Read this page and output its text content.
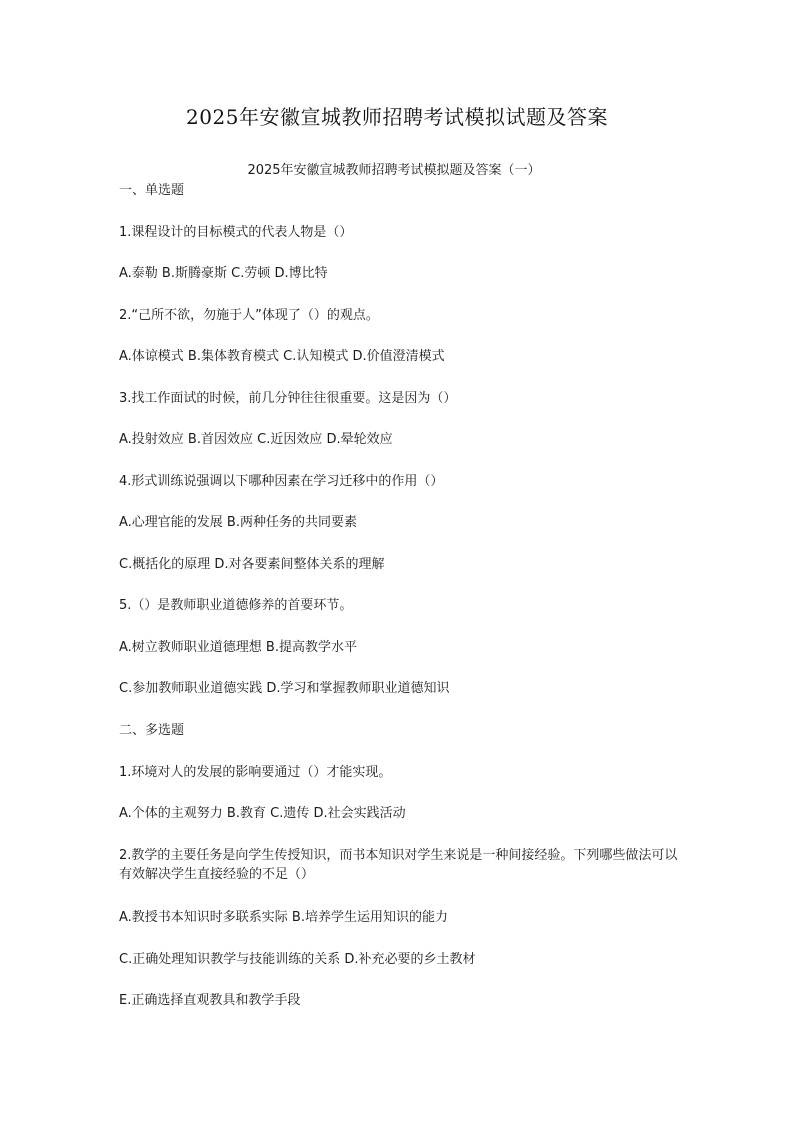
2025年安徽宣城教师招聘考试模拟试题及答案
2025年安徽宣城教师招聘考试模拟题及答案（一）
一、单选题
1.课程设计的目标模式的代表人物是（）
A.泰勒 B.斯腾豪斯 C.劳顿 D.博比特
2.“己所不欲，勿施于人”体现了（）的观点。
A.体谅模式 B.集体教育模式 C.认知模式 D.价值澄清模式
3.找工作面试的时候，前几分钟往往很重要。这是因为（）
A.投射效应 B.首因效应 C.近因效应 D.晕轮效应
4.形式训练说强调以下哪种因素在学习迁移中的作用（）
A.心理官能的发展 B.两种任务的共同要素
C.概括化的原理 D.对各要素间整体关系的理解
5.（）是教师职业道德修养的首要环节。
A.树立教师职业道德理想 B.提高教学水平
C.参加教师职业道德实践 D.学习和掌握教师职业道德知识
二、多选题
1.环境对人的发展的影响要通过（）才能实现。
A.个体的主观努力 B.教育 C.遗传 D.社会实践活动
2.教学的主要任务是向学生传授知识，而书本知识对学生来说是一种间接经验。下列哪些做法可以有效解决学生直接经验的不足（）
A.教授书本知识时多联系实际 B.培养学生运用知识的能力
C.正确处理知识教学与技能训练的关系 D.补充必要的乡土教材
E.正确选择直观教具和教学手段
